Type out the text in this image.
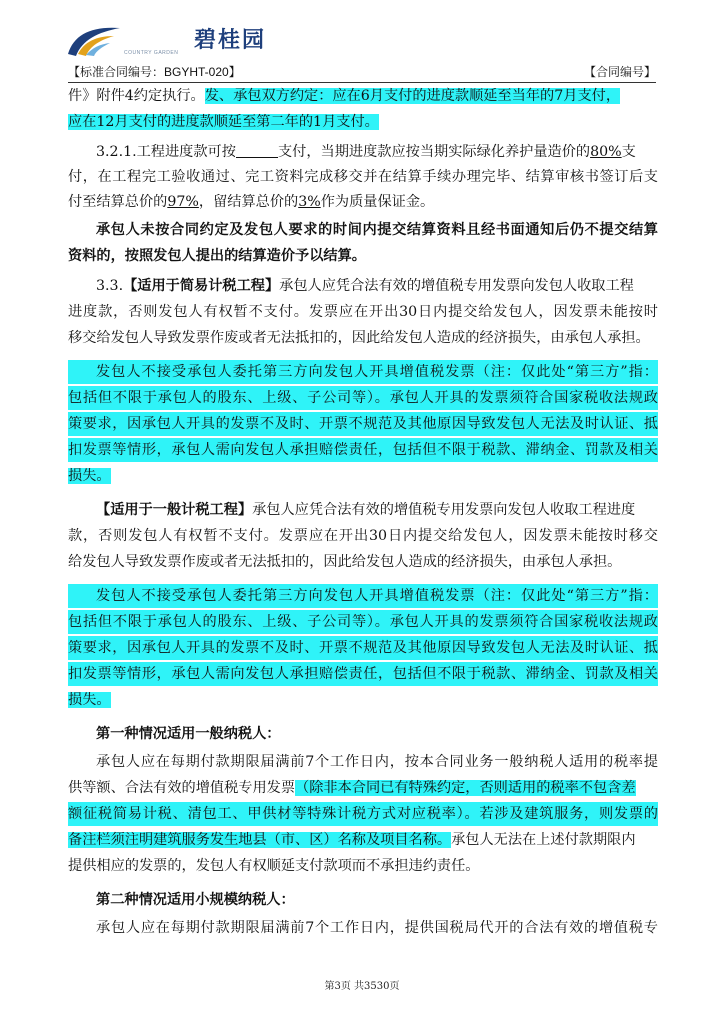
COUNTRY GARDEN 碧桂园
【标准合同编号：BGYHT-020】	【合同编号】
件》附件4约定执行。发、承包双方约定：应在6月支付的进度款顺延至当年的7月支付，
应在12月支付的进度款顺延至第二年的1月支付。
3.2.1.工程进度款可按	支付，当期进度款应按当期实际绿化养护量造价的80%支
付，在工程完工验收通过、完工资料完成移交并在结算手续办理完毕、结算审核书签订后支
付至结算总价的97%，留结算总价的3%作为质量保证金。
承包人未按合同约定及发包人要求的时间内提交结算资料且经书面通知后仍不提交结算
资料的，按照发包人提出的结算造价予以结算。
3.3.【适用于简易计税工程】承包人应凭合法有效的增值税专用发票向发包人收取工程
进度款，否则发包人有权暂不支付。发票应在开出30日内提交给发包人，因发票未能按时
移交给发包人导致发票作废或者无法抵扣的，因此给发包人造成的经济损失，由承包人承担。
发包人不接受承包人委托第三方向发包人开具增值税发票（注：仅此处“第三方”指：
包括但不限于承包人的股东、上级、子公司等）。承包人开具的发票须符合国家税收法规政
策要求，因承包人开具的发票不及时、开票不规范及其他原因导致发包人无法及时认证、抵
扣发票等情形，承包人需向发包人承担赔偿责任，包括但不限于税款、滞纳金、罚款及相关
损失。
【适用于一般计税工程】承包人应凭合法有效的增值税专用发票向发包人收取工程进度
款，否则发包人有权暂不支付。发票应在开出30日内提交给发包人，因发票未能按时移交
给发包人导致发票作废或者无法抵扣的，因此给发包人造成的经济损失，由承包人承担。
发包人不接受承包人委托第三方向发包人开具增值税发票（注：仅此处“第三方”指：
包括但不限于承包人的股东、上级、子公司等）。承包人开具的发票须符合国家税收法规政
策要求，因承包人开具的发票不及时、开票不规范及其他原因导致发包人无法及时认证、抵
扣发票等情形，承包人需向发包人承担赔偿责任，包括但不限于税款、滞纳金、罚款及相关
损失。
第一种情况适用一般纳税人：
承包人应在每期付款期限届满前7个工作日内，按本合同业务一般纳税人适用的税率提
供等额、合法有效的增值税专用发票（除非本合同已有特殊约定，否则适用的税率不包含差
额征税简易计税、清包工、甲供材等特殊计税方式对应税率）。若涉及建筑服务，则发票的
备注栏须注明建筑服务发生地县（市、区）名称及项目名称。承包人无法在上述付款期限内
提供相应的发票的，发包人有权顺延支付款项而不承担违约责任。
第二种情况适用小规模纳税人：
承包人应在每期付款期限届满前7个工作日内，提供国税局代开的合法有效的增值税专
第3页 共3530页
